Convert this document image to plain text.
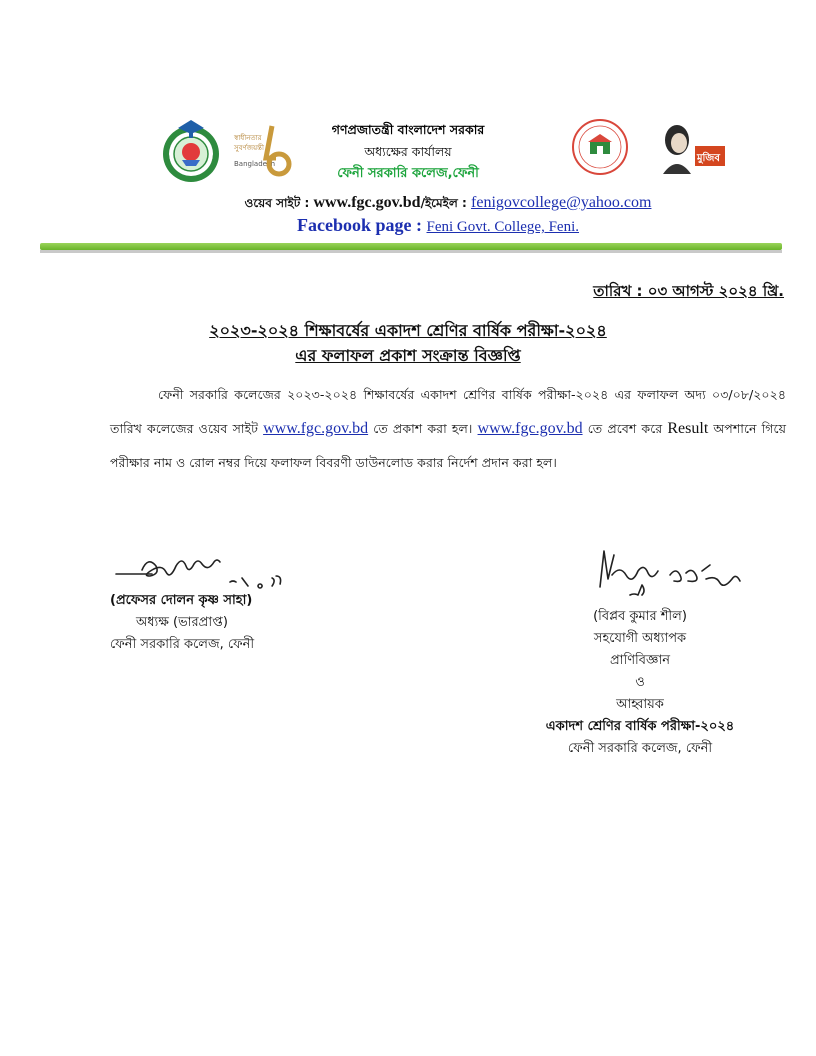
স্বাধীনতার
সুবর্ণজয়ন্তী
Bangladesh	মুজিব
গণপ্রজাতন্ত্রী বাংলাদেশ সরকার
অধ্যক্ষের কার্যালয়
ফেনী সরকারি কলেজ,ফেনী
ওয়েব সাইট : www.fgc.gov.bd/ইমেইল : fenigovcollege@yahoo.com
Facebook page : Feni Govt. College, Feni.
তারিখ : ০৩ আগস্ট ২০২৪ খ্রি.
২০২৩-২০২৪ শিক্ষাবর্ষের একাদশ শ্রেণির বার্ষিক পরীক্ষা-২০২৪
এর ফলাফল প্রকাশ সংক্রান্ত বিজ্ঞপ্তি
ফেনী সরকারি কলেজের ২০২৩-২০২৪ শিক্ষাবর্ষের একাদশ শ্রেণির বার্ষিক পরীক্ষা-২০২৪ এর ফলাফল অদ্য ০৩/০৮/২০২৪ তারিখ কলেজের ওয়েব সাইট www.fgc.gov.bd তে প্রকাশ করা হল। www.fgc.gov.bd তে প্রবেশ করে Result অপশানে গিয়ে পরীক্ষার নাম ও রোল নম্বর দিয়ে ফলাফল বিবরণী ডাউনলোড করার নির্দেশ প্রদান করা হল।
(প্রফেসর দোলন কৃষ্ণ সাহা)
অধ্যক্ষ (ভারপ্রাপ্ত)
ফেনী সরকারি কলেজ, ফেনী
(বিপ্লব কুমার শীল)
সহযোগী অধ্যাপক
প্রাণিবিজ্ঞান
ও
আহ্বায়ক
একাদশ শ্রেণির বার্ষিক পরীক্ষা-২০২৪
ফেনী সরকারি কলেজ, ফেনী
